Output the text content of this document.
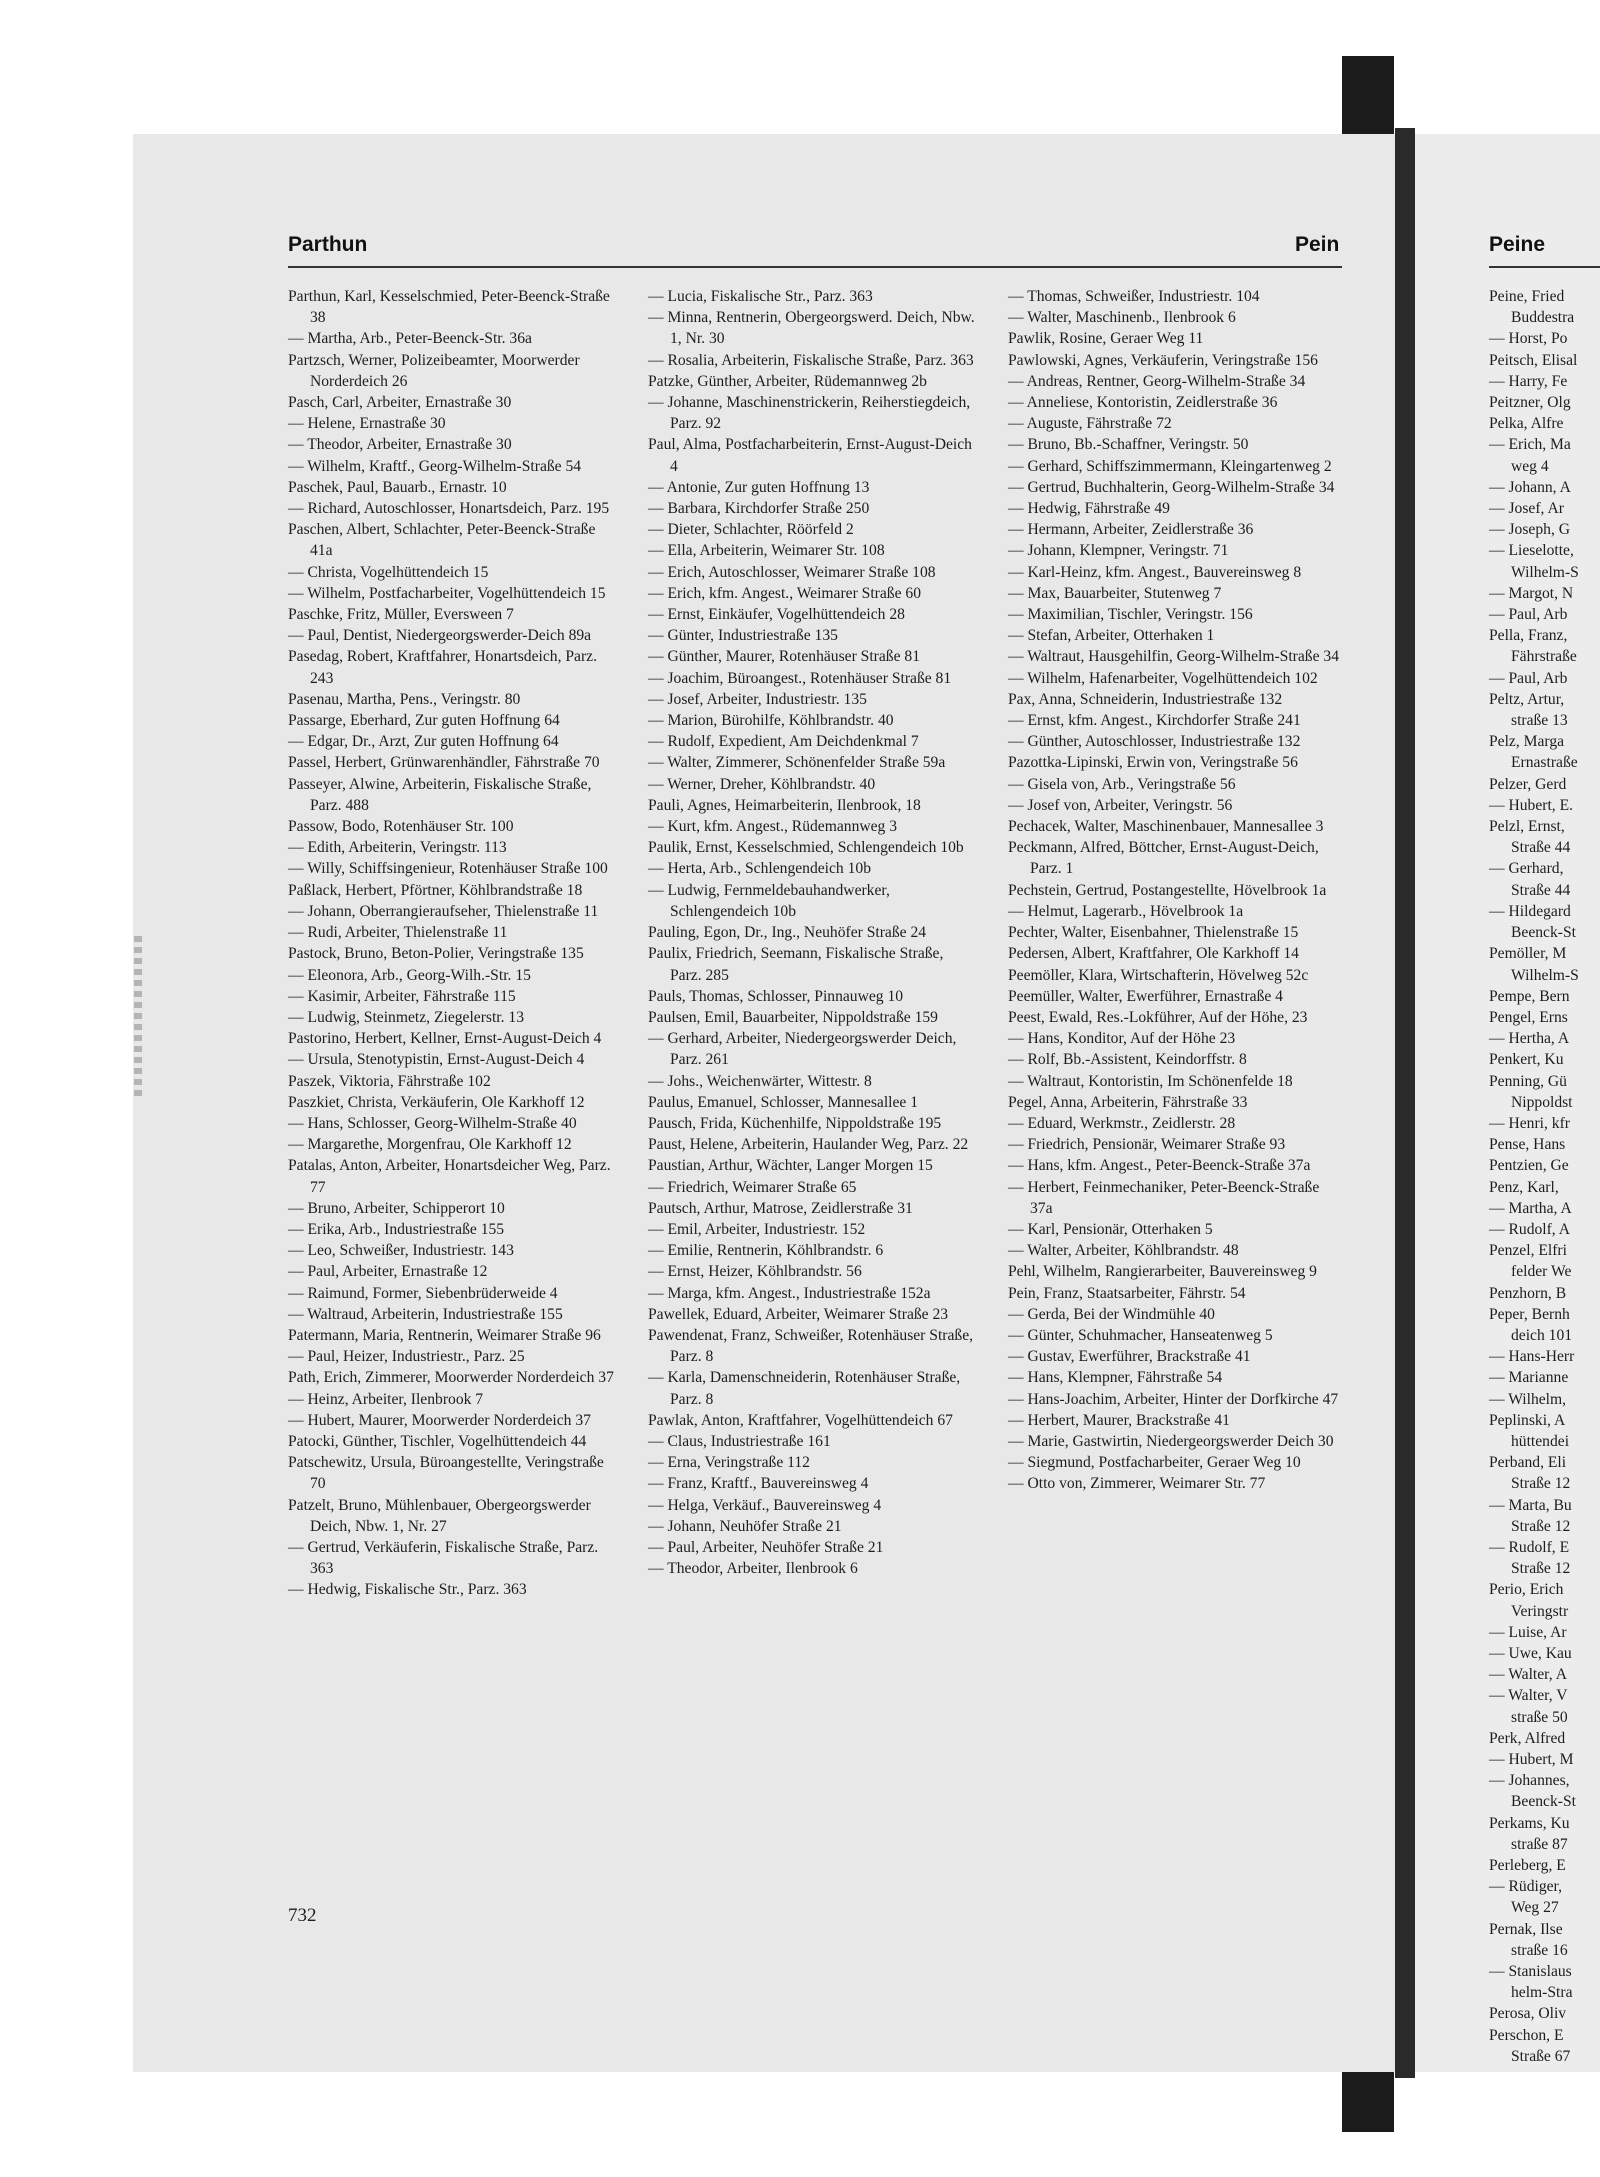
Parthun	Pein	Peine

Parthun, Karl, Kesselschmied, Peter-Beenck-Straße 38

— Martha, Arb., Peter-Beenck-Str. 36a

Partzsch, Werner, Polizeibeamter, Moorwerder Norderdeich 26

Pasch, Carl, Arbeiter, Ernastraße 30

— Helene, Ernastraße 30

— Theodor, Arbeiter, Ernastraße 30

— Wilhelm, Kraftf., Georg-Wilhelm-Straße 54

Paschek, Paul, Bauarb., Ernastr. 10

— Richard, Autoschlosser, Honartsdeich, Parz. 195

Paschen, Albert, Schlachter, Peter-Beenck-Straße 41a

— Christa, Vogelhüttendeich 15

— Wilhelm, Postfacharbeiter, Vogelhüttendeich 15

Paschke, Fritz, Müller, Eversween 7

— Paul, Dentist, Niedergeorgswerder-Deich 89a

Pasedag, Robert, Kraftfahrer, Honartsdeich, Parz. 243

Pasenau, Martha, Pens., Veringstr. 80

Passarge, Eberhard, Zur guten Hoffnung 64

— Edgar, Dr., Arzt, Zur guten Hoffnung 64

Passel, Herbert, Grünwarenhändler, Fährstraße 70

Passeyer, Alwine, Arbeiterin, Fiskalische Straße, Parz. 488

Passow, Bodo, Rotenhäuser Str. 100

— Edith, Arbeiterin, Veringstr. 113

— Willy, Schiffsingenieur, Rotenhäuser Straße 100

Paßlack, Herbert, Pförtner, Köhlbrandstraße 18

— Johann, Oberrangieraufseher, Thielenstraße 11

— Rudi, Arbeiter, Thielenstraße 11

Pastock, Bruno, Beton-Polier, Veringstraße 135

— Eleonora, Arb., Georg-Wilh.-Str. 15

— Kasimir, Arbeiter, Fährstraße 115

— Ludwig, Steinmetz, Ziegelerstr. 13

Pastorino, Herbert, Kellner, Ernst-August-Deich 4

— Ursula, Stenotypistin, Ernst-August-Deich 4

Paszek, Viktoria, Fährstraße 102

Paszkiet, Christa, Verkäuferin, Ole Karkhoff 12

— Hans, Schlosser, Georg-Wilhelm-Straße 40

— Margarethe, Morgenfrau, Ole Karkhoff 12

Patalas, Anton, Arbeiter, Honartsdeicher Weg, Parz. 77

— Bruno, Arbeiter, Schipperort 10

— Erika, Arb., Industriestraße 155

— Leo, Schweißer, Industriestr. 143

— Paul, Arbeiter, Ernastraße 12

— Raimund, Former, Siebenbrüderweide 4

— Waltraud, Arbeiterin, Industriestraße 155

Patermann, Maria, Rentnerin, Weimarer Straße 96

— Paul, Heizer, Industriestr., Parz. 25

Path, Erich, Zimmerer, Moorwerder Norderdeich 37

— Heinz, Arbeiter, Ilenbrook 7

— Hubert, Maurer, Moorwerder Norderdeich 37

Patocki, Günther, Tischler, Vogelhüttendeich 44

Patschewitz, Ursula, Büroangestellte, Veringstraße 70

Patzelt, Bruno, Mühlenbauer, Obergeorgswerder Deich, Nbw. 1, Nr. 27

— Gertrud, Verkäuferin, Fiskalische Straße, Parz. 363

— Hedwig, Fiskalische Str., Parz. 363

— Lucia, Fiskalische Str., Parz. 363

— Minna, Rentnerin, Obergeorgswerd. Deich, Nbw. 1, Nr. 30

— Rosalia, Arbeiterin, Fiskalische Straße, Parz. 363

Patzke, Günther, Arbeiter, Rüdemannweg 2b

— Johanne, Maschinenstrickerin, Reiherstiegdeich, Parz. 92

Paul, Alma, Postfacharbeiterin, Ernst-August-Deich 4

— Antonie, Zur guten Hoffnung 13

— Barbara, Kirchdorfer Straße 250

— Dieter, Schlachter, Röörfeld 2

— Ella, Arbeiterin, Weimarer Str. 108

— Erich, Autoschlosser, Weimarer Straße 108

— Erich, kfm. Angest., Weimarer Straße 60

— Ernst, Einkäufer, Vogelhüttendeich 28

— Günter, Industriestraße 135

— Günther, Maurer, Rotenhäuser Straße 81

— Joachim, Büroangest., Rotenhäuser Straße 81

— Josef, Arbeiter, Industriestr. 135

— Marion, Bürohilfe, Köhlbrandstr. 40

— Rudolf, Expedient, Am Deichdenkmal 7

— Walter, Zimmerer, Schönenfelder Straße 59a

— Werner, Dreher, Köhlbrandstr. 40

Pauli, Agnes, Heimarbeiterin, Ilenbrook, 18

— Kurt, kfm. Angest., Rüdemannweg 3

Paulik, Ernst, Kesselschmied, Schlengendeich 10b

— Herta, Arb., Schlengendeich 10b

— Ludwig, Fernmeldebauhandwerker, Schlengendeich 10b

Pauling, Egon, Dr., Ing., Neuhöfer Straße 24

Paulix, Friedrich, Seemann, Fiskalische Straße, Parz. 285

Pauls, Thomas, Schlosser, Pinnauweg 10

Paulsen, Emil, Bauarbeiter, Nippoldstraße 159

— Gerhard, Arbeiter, Niedergeorgswerder Deich, Parz. 261

— Johs., Weichenwärter, Wittestr. 8

Paulus, Emanuel, Schlosser, Mannesallee 1

Pausch, Frida, Küchenhilfe, Nippoldstraße 195

Paust, Helene, Arbeiterin, Haulander Weg, Parz. 22

Paustian, Arthur, Wächter, Langer Morgen 15

— Friedrich, Weimarer Straße 65

Pautsch, Arthur, Matrose, Zeidlerstraße 31

— Emil, Arbeiter, Industriestr. 152

— Emilie, Rentnerin, Köhlbrandstr. 6

— Ernst, Heizer, Köhlbrandstr. 56

— Marga, kfm. Angest., Industriestraße 152a

Pawellek, Eduard, Arbeiter, Weimarer Straße 23

Pawendenat, Franz, Schweißer, Rotenhäuser Straße, Parz. 8

— Karla, Damenschneiderin, Rotenhäuser Straße, Parz. 8

Pawlak, Anton, Kraftfahrer, Vogelhüttendeich 67

— Claus, Industriestraße 161

— Erna, Veringstraße 112

— Franz, Kraftf., Bauvereinsweg 4

— Helga, Verkäuf., Bauvereinsweg 4

— Johann, Neuhöfer Straße 21

— Paul, Arbeiter, Neuhöfer Straße 21

— Theodor, Arbeiter, Ilenbrook 6

— Thomas, Schweißer, Industriestr. 104

— Walter, Maschinenb., Ilenbrook 6

Pawlik, Rosine, Geraer Weg 11

Pawlowski, Agnes, Verkäuferin, Veringstraße 156

— Andreas, Rentner, Georg-Wilhelm-Straße 34

— Anneliese, Kontoristin, Zeidlerstraße 36

— Auguste, Fährstraße 72

— Bruno, Bb.-Schaffner, Veringstr. 50

— Gerhard, Schiffszimmermann, Kleingartenweg 2

— Gertrud, Buchhalterin, Georg-Wilhelm-Straße 34

— Hedwig, Fährstraße 49

— Hermann, Arbeiter, Zeidlerstraße 36

— Johann, Klempner, Veringstr. 71

— Karl-Heinz, kfm. Angest., Bauvereinsweg 8

— Max, Bauarbeiter, Stutenweg 7

— Maximilian, Tischler, Veringstr. 156

— Stefan, Arbeiter, Otterhaken 1

— Waltraut, Hausgehilfin, Georg-Wilhelm-Straße 34

— Wilhelm, Hafenarbeiter, Vogelhüttendeich 102

Pax, Anna, Schneiderin, Industriestraße 132

— Ernst, kfm. Angest., Kirchdorfer Straße 241

— Günther, Autoschlosser, Industriestraße 132

Pazottka-Lipinski, Erwin von, Veringstraße 56

— Gisela von, Arb., Veringstraße 56

— Josef von, Arbeiter, Veringstr. 56

Pechacek, Walter, Maschinenbauer, Mannesallee 3

Peckmann, Alfred, Böttcher, Ernst-August-Deich, Parz. 1

Pechstein, Gertrud, Postangestellte, Hövelbrook 1a

— Helmut, Lagerarb., Hövelbrook 1a

Pechter, Walter, Eisenbahner, Thielenstraße 15

Pedersen, Albert, Kraftfahrer, Ole Karkhoff 14

Peemöller, Klara, Wirtschafterin, Hövelweg 52c

Peemüller, Walter, Ewerführer, Ernastraße 4

Peest, Ewald, Res.-Lokführer, Auf der Höhe, 23

— Hans, Konditor, Auf der Höhe 23

— Rolf, Bb.-Assistent, Keindorffstr. 8

— Waltraut, Kontoristin, Im Schönenfelde 18

Pegel, Anna, Arbeiterin, Fährstraße 33

— Eduard, Werkmstr., Zeidlerstr. 28

— Friedrich, Pensionär, Weimarer Straße 93

— Hans, kfm. Angest., Peter-Beenck-Straße 37a

— Herbert, Feinmechaniker, Peter-Beenck-Straße 37a

— Karl, Pensionär, Otterhaken 5

— Walter, Arbeiter, Köhlbrandstr. 48

Pehl, Wilhelm, Rangierarbeiter, Bauvereinsweg 9

Pein, Franz, Staatsarbeiter, Fährstr. 54

— Gerda, Bei der Windmühle 40

— Günter, Schuhmacher, Hanseatenweg 5

— Gustav, Ewerführer, Brackstraße 41

— Hans, Klempner, Fährstraße 54

— Hans-Joachim, Arbeiter, Hinter der Dorfkirche 47

— Herbert, Maurer, Brackstraße 41

— Marie, Gastwirtin, Niedergeorgswerder Deich 30

— Siegmund, Postfacharbeiter, Geraer Weg 10

— Otto von, Zimmerer, Weimarer Str. 77

Peine, Fried
Buddestra
— Horst, Po
Peitsch, Elisal
— Harry, Fe
Peitzner, Olg
Pelka, Alfre
— Erich, Ma
weg 4
— Johann, A
— Josef, Ar
— Joseph, G
— Lieselotte,
Wilhelm-S
— Margot, N
— Paul, Arb
Pella, Franz,
Fährstraße
— Paul, Arb
Peltz, Artur,
straße 13
Pelz, Marga
Ernastraße
Pelzer, Gerd
— Hubert, E.
Pelzl, Ernst,
Straße 44
— Gerhard,
Straße 44
— Hildegard
Beenck-St
Pemöller, M
Wilhelm-S
Pempe, Bern
Pengel, Erns
— Hertha, A
Penkert, Ku
Penning, Gü
Nippoldst
— Henri, kfr
Pense, Hans
Pentzien, Ge
Penz, Karl,
— Martha, A
— Rudolf, A
Penzel, Elfri
felder We
Penzhorn, B
Peper, Bernh
deich 101
— Hans-Herr
— Marianne
— Wilhelm,
Peplinski, A
hüttendei
Perband, Eli
Straße 12
— Marta, Bu
Straße 12
— Rudolf, E
Straße 12
Perio, Erich
Veringstr
— Luise, Ar
— Uwe, Kau
— Walter, A
— Walter, V
straße 50
Perk, Alfred
— Hubert, M
— Johannes,
Beenck-St
Perkams, Ku
straße 87
Perleberg, E
— Rüdiger,
Weg 27
Pernak, Ilse
straße 16
— Stanislaus
helm-Stra
Perosa, Oliv
Perschon, E
Straße 67
732
